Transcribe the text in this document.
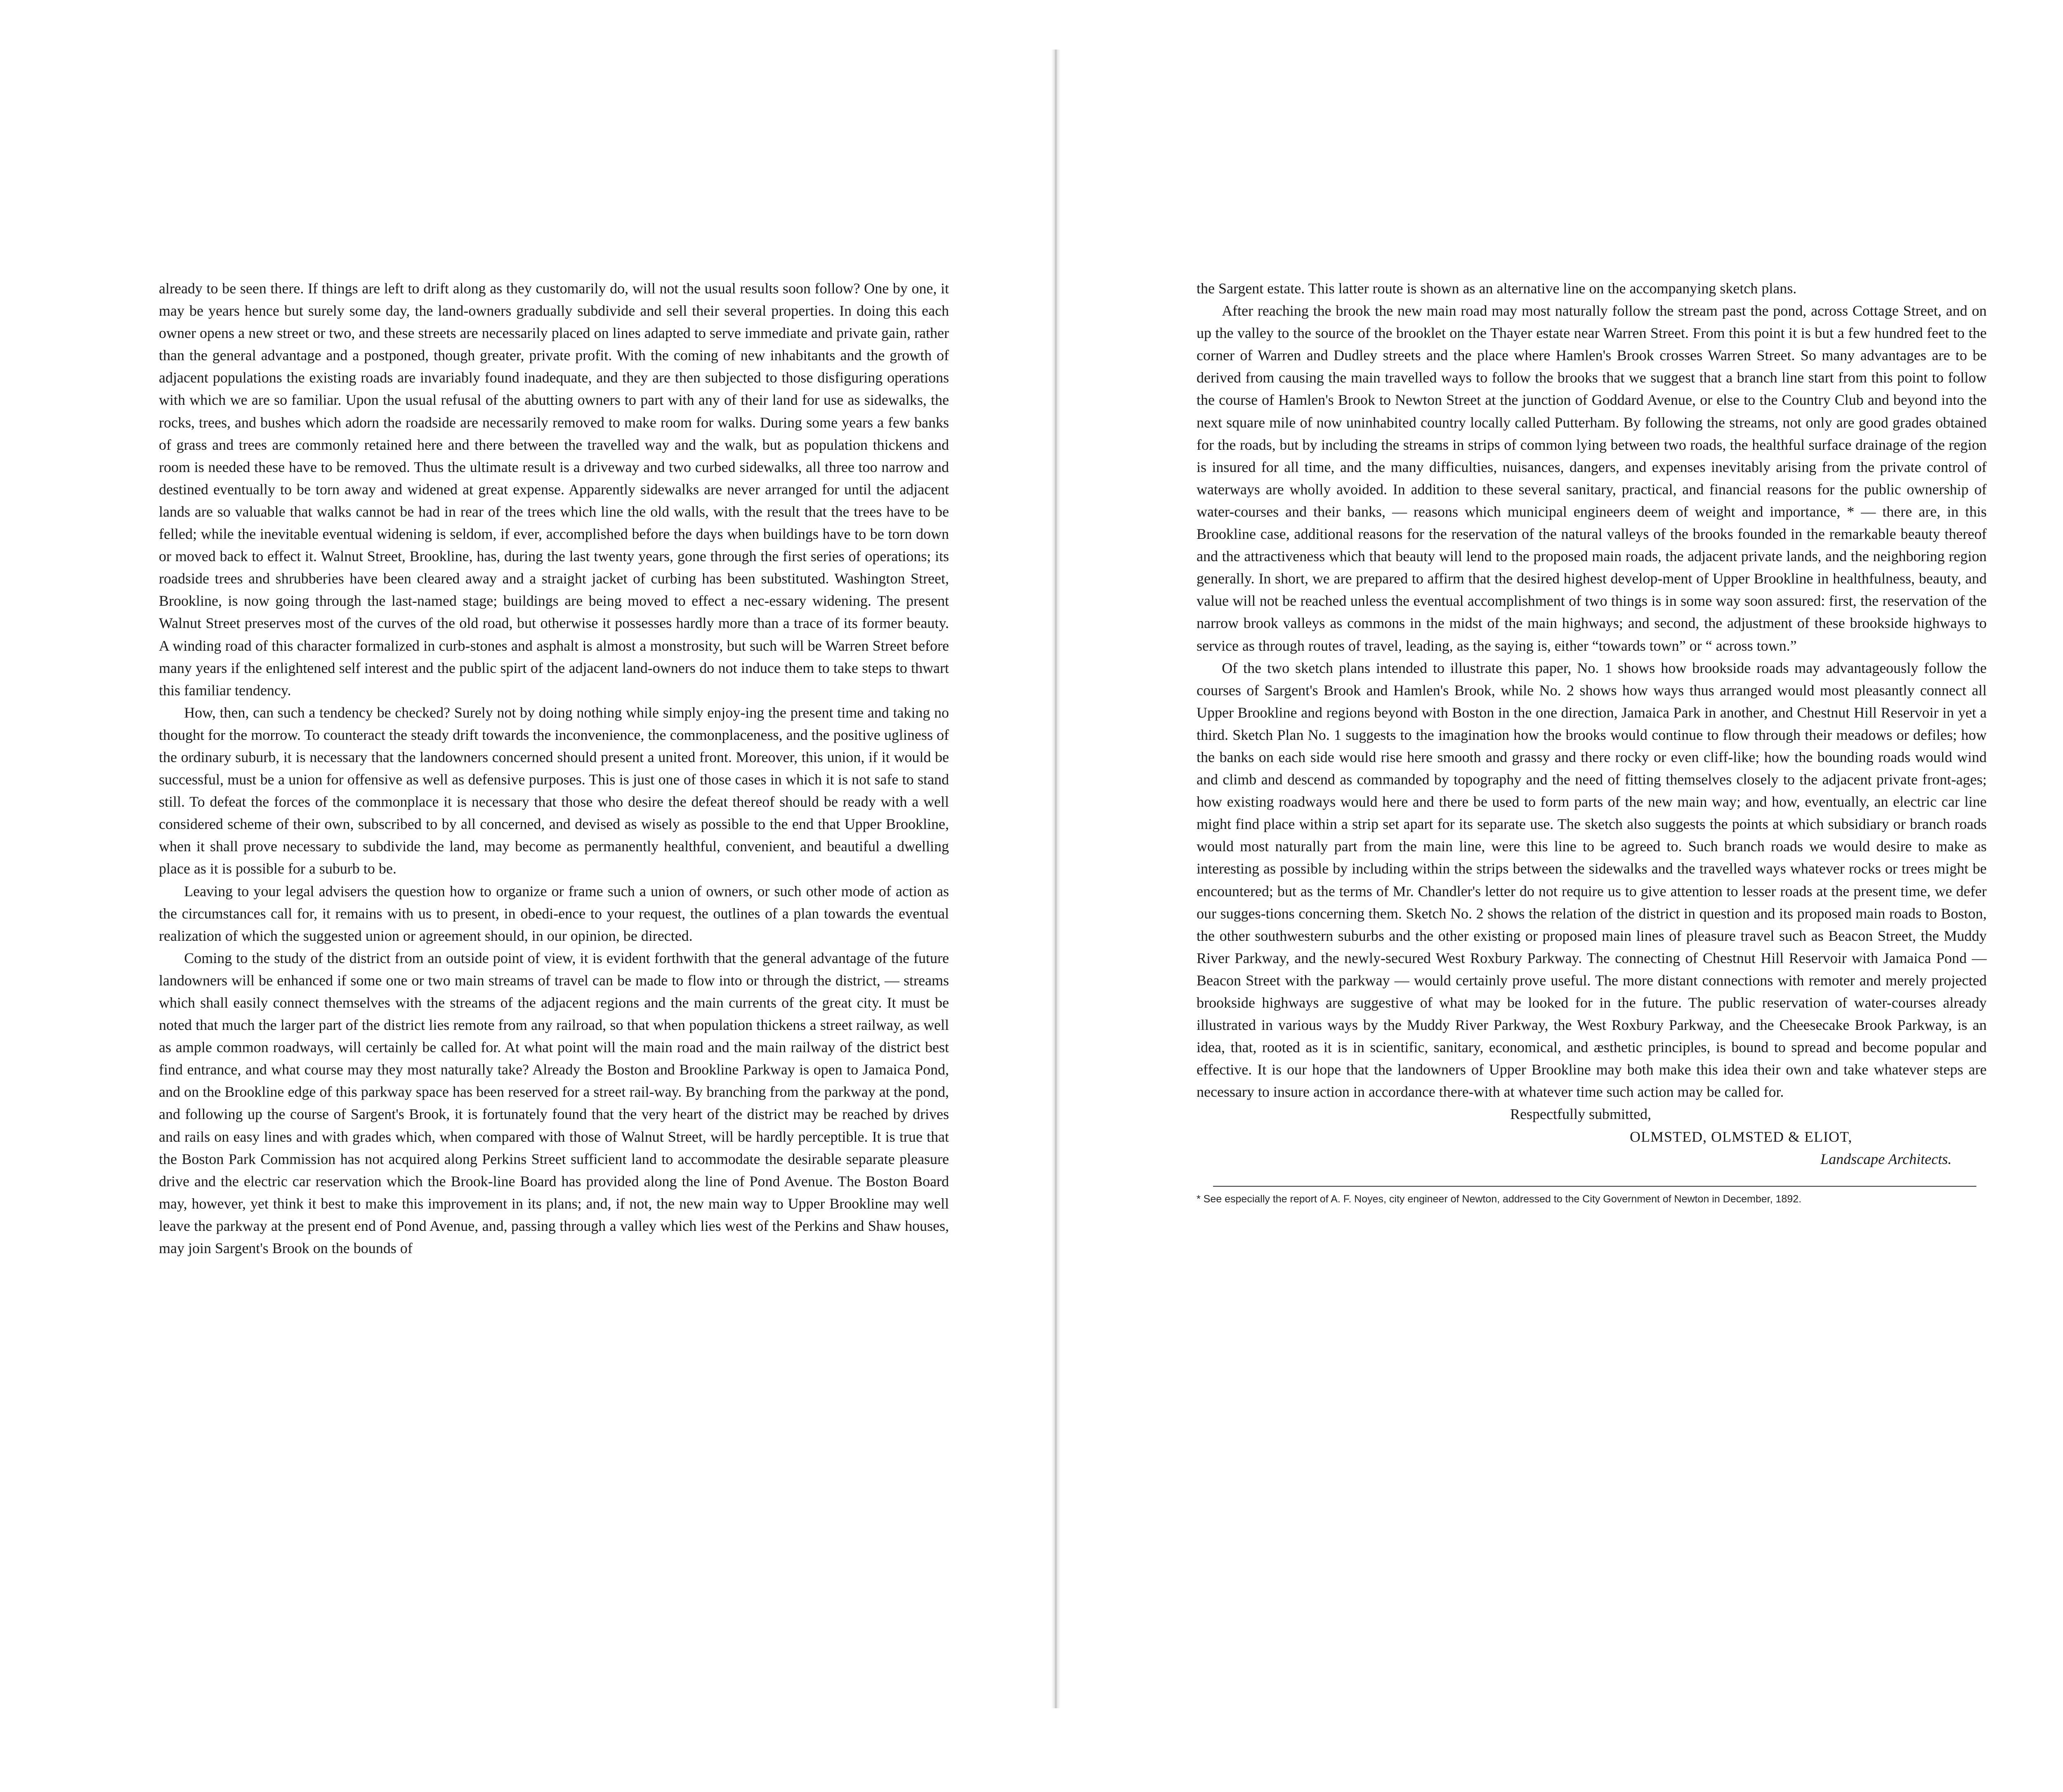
already to be seen there. If things are left to drift along as they customarily do, will not the usual results soon follow? One by one, it may be years hence but surely some day, the land-owners gradually subdivide and sell their several properties. In doing this each owner opens a new street or two, and these streets are necessarily placed on lines adapted to serve immediate and private gain, rather than the general advantage and a postponed, though greater, private profit. With the coming of new inhabitants and the growth of adjacent populations the existing roads are invariably found inadequate, and they are then subjected to those disfiguring operations with which we are so familiar. Upon the usual refusal of the abutting owners to part with any of their land for use as sidewalks, the rocks, trees, and bushes which adorn the roadside are necessarily removed to make room for walks. During some years a few banks of grass and trees are commonly retained here and there between the travelled way and the walk, but as population thickens and room is needed these have to be removed. Thus the ultimate result is a driveway and two curbed sidewalks, all three too narrow and destined eventually to be torn away and widened at great expense. Apparently sidewalks are never arranged for until the adjacent lands are so valuable that walks cannot be had in rear of the trees which line the old walls, with the result that the trees have to be felled; while the inevitable eventual widening is seldom, if ever, accomplished before the days when buildings have to be torn down or moved back to effect it. Walnut Street, Brookline, has, during the last twenty years, gone through the first series of operations; its roadside trees and shrubberies have been cleared away and a straight jacket of curbing has been substituted. Washington Street, Brookline, is now going through the last-named stage; buildings are being moved to effect a nec-essary widening. The present Walnut Street preserves most of the curves of the old road, but otherwise it possesses hardly more than a trace of its former beauty. A winding road of this character formalized in curb-stones and asphalt is almost a monstrosity, but such will be Warren Street before many years if the enlightened self interest and the public spirt of the adjacent land-owners do not induce them to take steps to thwart this familiar tendency.

How, then, can such a tendency be checked? Surely not by doing nothing while simply enjoy-ing the present time and taking no thought for the morrow. To counteract the steady drift towards the inconvenience, the commonplaceness, and the positive ugliness of the ordinary suburb, it is necessary that the landowners concerned should present a united front. Moreover, this union, if it would be successful, must be a union for offensive as well as defensive purposes. This is just one of those cases in which it is not safe to stand still. To defeat the forces of the commonplace it is necessary that those who desire the defeat thereof should be ready with a well considered scheme of their own, subscribed to by all concerned, and devised as wisely as possible to the end that Upper Brookline, when it shall prove necessary to subdivide the land, may become as permanently healthful, convenient, and beautiful a dwelling place as it is possible for a suburb to be.

Leaving to your legal advisers the question how to organize or frame such a union of owners, or such other mode of action as the circumstances call for, it remains with us to present, in obedi-ence to your request, the outlines of a plan towards the eventual realization of which the suggested union or agreement should, in our opinion, be directed.

Coming to the study of the district from an outside point of view, it is evident forthwith that the general advantage of the future landowners will be enhanced if some one or two main streams of travel can be made to flow into or through the district, — streams which shall easily connect themselves with the streams of the adjacent regions and the main currents of the great city. It must be noted that much the larger part of the district lies remote from any railroad, so that when population thickens a street railway, as well as ample common roadways, will certainly be called for. At what point will the main road and the main railway of the district best find entrance, and what course may they most naturally take? Already the Boston and Brookline Parkway is open to Jamaica Pond, and on the Brookline edge of this parkway space has been reserved for a street rail-way. By branching from the parkway at the pond, and following up the course of Sargent's Brook, it is fortunately found that the very heart of the district may be reached by drives and rails on easy lines and with grades which, when compared with those of Walnut Street, will be hardly perceptible. It is true that the Boston Park Commission has not acquired along Perkins Street sufficient land to accommodate the desirable separate pleasure drive and the electric car reservation which the Brook-line Board has provided along the line of Pond Avenue. The Boston Board may, however, yet think it best to make this improvement in its plans; and, if not, the new main way to Upper Brookline may well leave the parkway at the present end of Pond Avenue, and, passing through a valley which lies west of the Perkins and Shaw houses, may join Sargent's Brook on the bounds of

the Sargent estate. This latter route is shown as an alternative line on the accompanying sketch plans.

After reaching the brook the new main road may most naturally follow the stream past the pond, across Cottage Street, and on up the valley to the source of the brooklet on the Thayer estate near Warren Street. From this point it is but a few hundred feet to the corner of Warren and Dudley streets and the place where Hamlen's Brook crosses Warren Street. So many advantages are to be derived from causing the main travelled ways to follow the brooks that we suggest that a branch line start from this point to follow the course of Hamlen's Brook to Newton Street at the junction of Goddard Avenue, or else to the Country Club and beyond into the next square mile of now uninhabited country locally called Putterham. By following the streams, not only are good grades obtained for the roads, but by including the streams in strips of common lying between two roads, the healthful surface drainage of the region is insured for all time, and the many difficulties, nuisances, dangers, and expenses inevitably arising from the private control of waterways are wholly avoided. In addition to these several sanitary, practical, and financial reasons for the public ownership of water-courses and their banks, — reasons which municipal engineers deem of weight and importance, * — there are, in this Brookline case, additional reasons for the reservation of the natural valleys of the brooks founded in the remarkable beauty thereof and the attractiveness which that beauty will lend to the proposed main roads, the adjacent private lands, and the neighboring region generally. In short, we are prepared to affirm that the desired highest develop-ment of Upper Brookline in healthfulness, beauty, and value will not be reached unless the eventual accomplishment of two things is in some way soon assured: first, the reservation of the narrow brook valleys as commons in the midst of the main highways; and second, the adjustment of these brookside highways to service as through routes of travel, leading, as the saying is, either “towards town” or “ across town.”

Of the two sketch plans intended to illustrate this paper, No. 1 shows how brookside roads may advantageously follow the courses of Sargent's Brook and Hamlen's Brook, while No. 2 shows how ways thus arranged would most pleasantly connect all Upper Brookline and regions beyond with Boston in the one direction, Jamaica Park in another, and Chestnut Hill Reservoir in yet a third. Sketch Plan No. 1 suggests to the imagination how the brooks would continue to flow through their meadows or defiles; how the banks on each side would rise here smooth and grassy and there rocky or even cliff-like; how the bounding roads would wind and climb and descend as commanded by topography and the need of fitting themselves closely to the adjacent private front-ages; how existing roadways would here and there be used to form parts of the new main way; and how, eventually, an electric car line might find place within a strip set apart for its separate use. The sketch also suggests the points at which subsidiary or branch roads would most naturally part from the main line, were this line to be agreed to. Such branch roads we would desire to make as interesting as possible by including within the strips between the sidewalks and the travelled ways whatever rocks or trees might be encountered; but as the terms of Mr. Chandler's letter do not require us to give attention to lesser roads at the present time, we defer our sugges-tions concerning them. Sketch No. 2 shows the relation of the district in question and its proposed main roads to Boston, the other southwestern suburbs and the other existing or proposed main lines of pleasure travel such as Beacon Street, the Muddy River Parkway, and the newly-secured West Roxbury Parkway. The connecting of Chestnut Hill Reservoir with Jamaica Pond — Beacon Street with the parkway — would certainly prove useful. The more distant connections with remoter and merely projected brookside highways are suggestive of what may be looked for in the future. The public reservation of water-courses already illustrated in various ways by the Muddy River Parkway, the West Roxbury Parkway, and the Cheesecake Brook Parkway, is an idea, that, rooted as it is in scientific, sanitary, economical, and æsthetic principles, is bound to spread and become popular and effective. It is our hope that the landowners of Upper Brookline may both make this idea their own and take whatever steps are necessary to insure action in accordance there-with at whatever time such action may be called for.

Respectfully submitted,

OLMSTED, OLMSTED & ELIOT,

Landscape Architects.

* See especially the report of A. F. Noyes, city engineer of Newton, addressed to the City Government of Newton in December, 1892.
